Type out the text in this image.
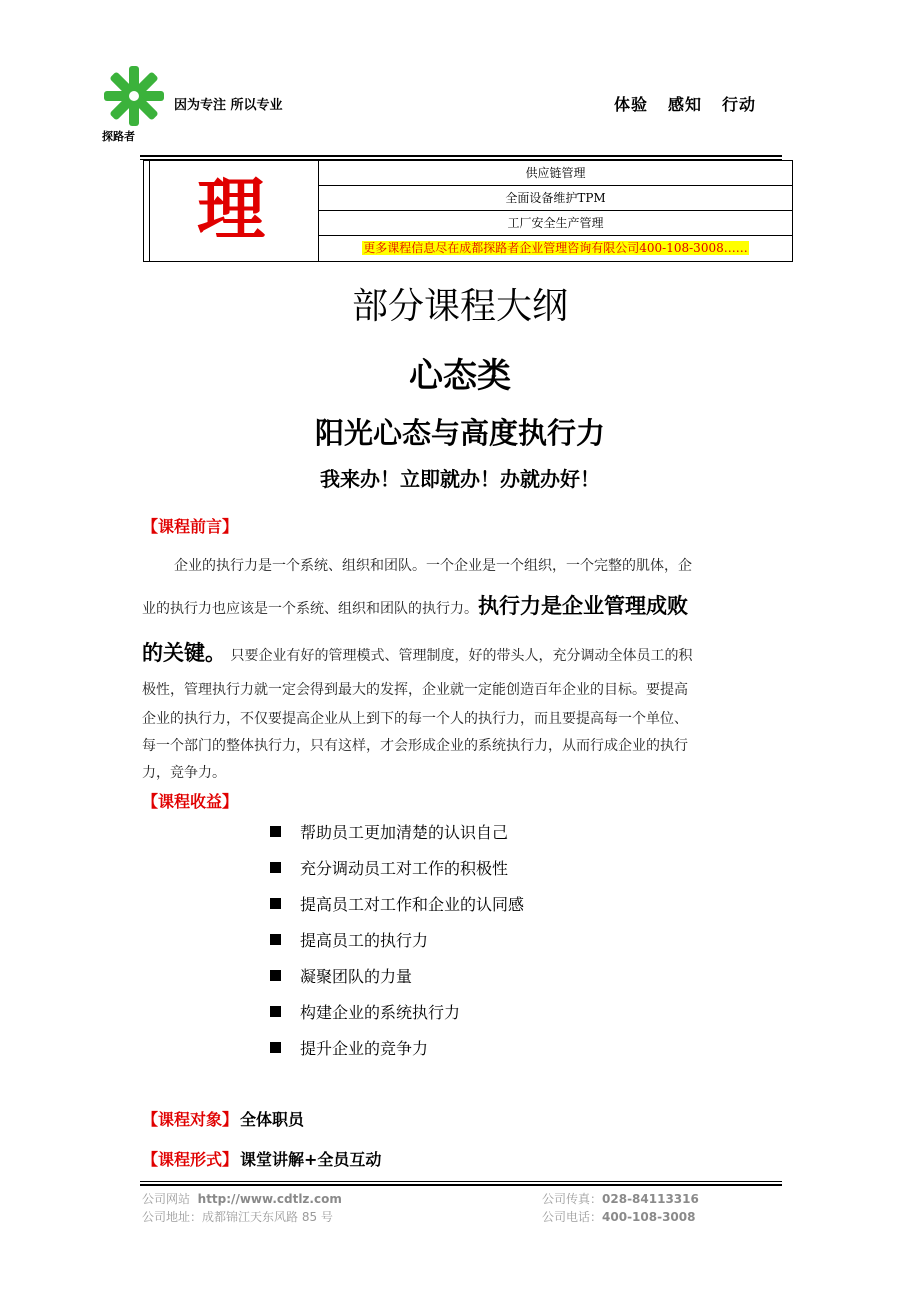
探路者
因为专注 所以专业	体验 感知 行动
理	供应链管理
全面设备维护TPM
工厂安全生产管理
更多课程信息尽在成都探路者企业管理咨询有限公司400-108-3008……
部分课程大纲
心态类
阳光心态与高度执行力
我来办！立即就办！办就办好！
【课程前言】
企业的执行力是一个系统、组织和团队。一个企业是一个组织，一个完整的肌体，企
业的执行力也应该是一个系统、组织和团队的执行力。执行力是企业管理成败
的关键。 只要企业有好的管理模式、管理制度，好的带头人，充分调动全体员工的积
极性，管理执行力就一定会得到最大的发挥，企业就一定能创造百年企业的目标。要提高
企业的执行力，不仅要提高企业从上到下的每一个人的执行力，而且要提高每一个单位、
每一个部门的整体执行力，只有这样，才会形成企业的系统执行力，从而行成企业的执行
力，竞争力。
【课程收益】
帮助员工更加清楚的认识自己
充分调动员工对工作的积极性
提高员工对工作和企业的认同感
提高员工的执行力
凝聚团队的力量
构建企业的系统执行力
提升企业的竞争力
【课程对象】 全体职员
【课程形式】 课堂讲解+全员互动
公司网站 http://www.cdtlz.com
公司地址：成都锦江天东风路 85 号
公司传真：028-84113316
公司电话：400-108-3008
